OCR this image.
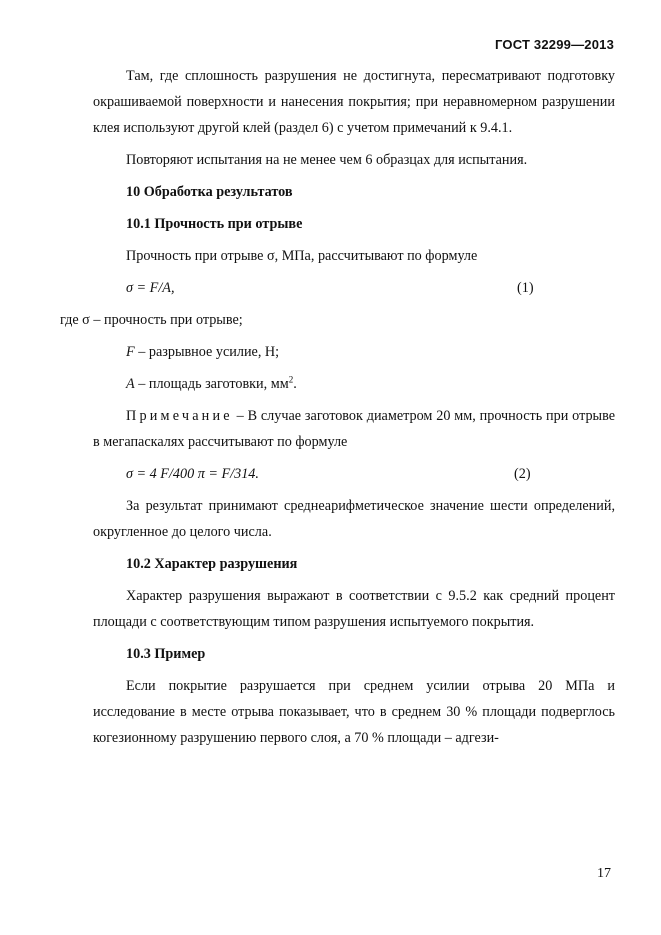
ГОСТ 32299—2013

Там, где сплошность разрушения не достигнута, пересматривают подготовку окрашиваемой поверхности и нанесения покрытия; при неравномерном разрушении клея используют другой клей (раздел 6) с учетом примечаний к 9.4.1.

Повторяют испытания на не менее чем 6 образцах для испытания.

10 Обработка результатов

10.1 Прочность при отрыве

Прочность при отрыве σ, МПа, рассчитывают по формуле

σ = F/A,	(1)

где σ – прочность при отрыве;

F – разрывное усилие, Н;

A – площадь заготовки, $мм^2$.

Примечание – В случае заготовок диаметром 20 мм, прочность при отрыве в мегапаскалях рассчитывают по формуле

σ = 4 F/400 π = F/314.	(2)

За результат принимают среднеарифметическое значение шести определений, округленное до целого числа.

10.2 Характер разрушения

Характер разрушения выражают в соответствии с 9.5.2 как средний процент площади с соответствующим типом разрушения испытуемого покрытия.

10.3 Пример

Если покрытие разрушается при среднем усилии отрыва 20 МПа и исследование в месте отрыва показывает, что в среднем 30 % площади подверглось когезионному разрушению первого слоя, а 70 % площади – адгези-

17
